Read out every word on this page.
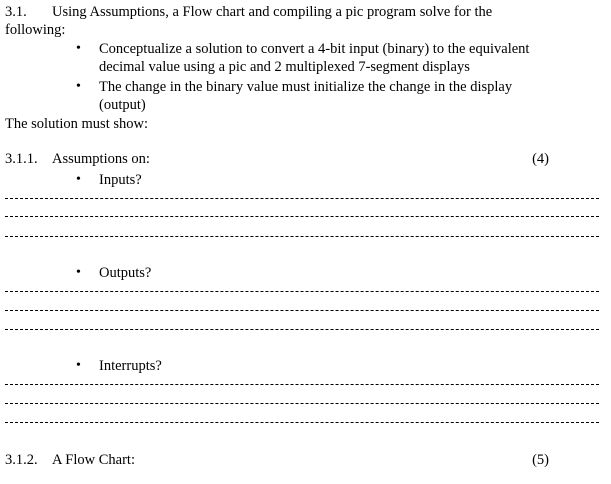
3.1. Using Assumptions, a Flow chart and compiling a pic program solve for the
following:
• Conceptualize a solution to convert a 4-bit input (binary) to the equivalent
decimal value using a pic and 2 multiplexed 7-segment displays
• The change in the binary value must initialize the change in the display
(output)
The solution must show:
3.1.1. Assumptions on:	(4)
• Inputs?
• Outputs?
• Interrupts?
3.1.2. A Flow Chart:	(5)
